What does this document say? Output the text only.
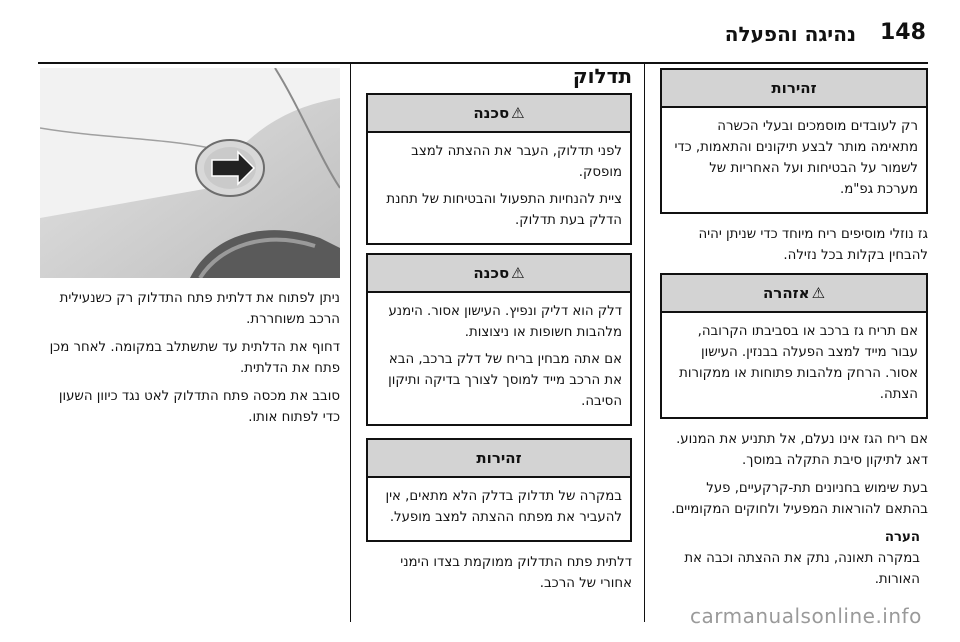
148
נהיגה והפעלה
זהירות

רק לעובדים מוסמכים ובעלי הכשרה מתאימה מותר לבצע תיקונים והתאמות, כדי לשמור על הבטיחות ועל האחריות של מערכת גפ"מ.

גז נוזלי מוסיפים ריח מיוחד כדי שניתן יהיה להבחין בקלות בכל נזילה.

⚠אזהרה

אם תריח גז ברכב או בסביבתו הקרובה, עבור מייד למצב הפעלה בבנזין. העישון אסור. הרחק מלהבות פתוחות או ממקורות הצתה.

אם ריח הגז אינו נעלם, אל תתניע את המנוע. דאג לתיקון סיבת התקלה במוסך.

בעת שימוש בחניונים תת-קרקעיים, פעל בהתאם להוראות המפעיל ולחוקים המקומיים.

הערה

במקרה תאונה, נתק את ההצתה וכבה את האורות.

תדלוק
⚠סכנה

לפני תדלוק, העבר את ההצתה למצב מופסק.

ציית להנחיות התפעול והבטיחות של תחנת הדלק בעת תדלוק.

⚠סכנה

דלק הוא דליק ונפיץ. העישון אסור. הימנע מלהבות חשופות או ניצוצות.

אם אתה מבחין בריח של דלק ברכב, הבא את הרכב מייד למוסך לצורך בדיקה ותיקון הסיבה.

זהירות

במקרה של תדלוק בדלק הלא מתאים, אין להעביר את מפתח ההצתה למצב מופעל.

דלתית פתח התדלוק ממוקמת בצדו הימני אחורי של הרכב.

ניתן לפתוח את דלתית פתח התדלוק רק כשנעילית הרכב משוחררת.

דחוף את הדלתית עד שתשתלב במקומה. לאחר מכן פתח את הדלתית.

סובב את מכסה פתח התדלוק לאט נגד כיוון השעון כדי לפתוח אותו.

carmanualsonline.info
